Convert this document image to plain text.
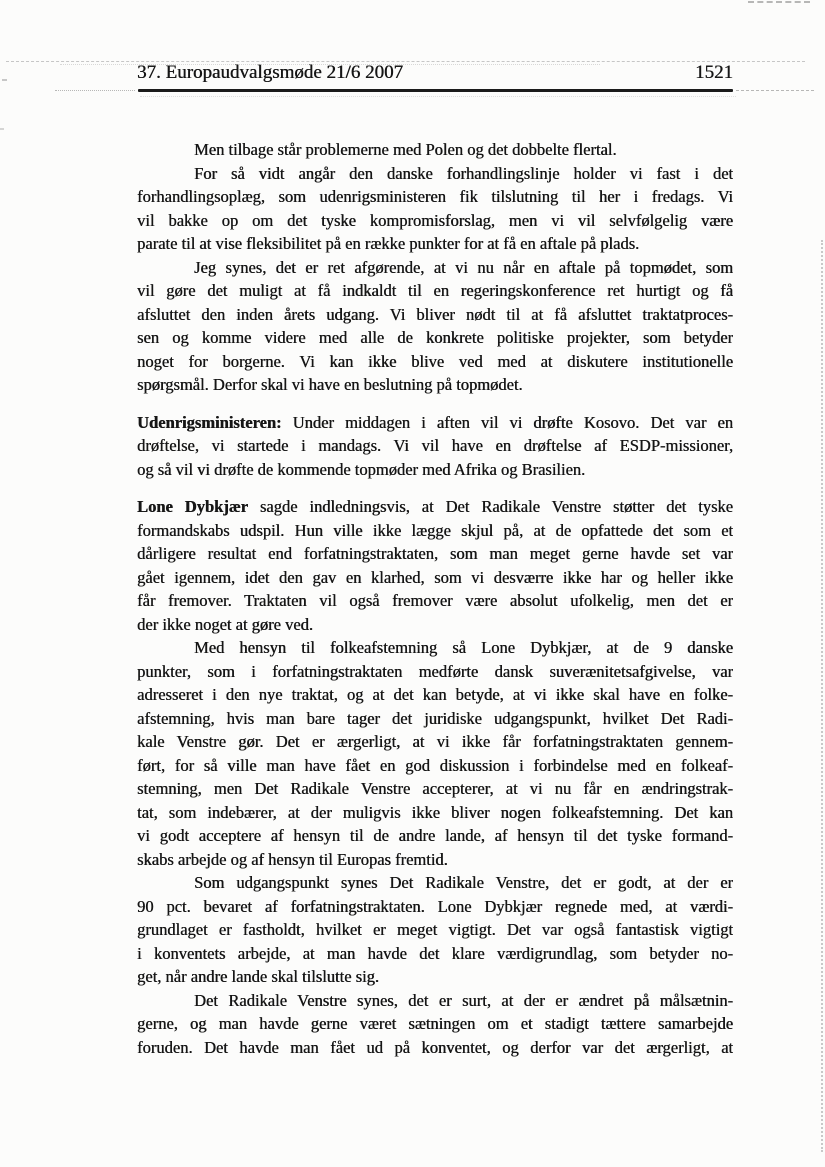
37. Europaudvalgsmøde 21/6 2007	1521
Men tilbage står problemerne med Polen og det dobbelte flertal.
For så vidt angår den danske forhandlingslinje holder vi fast i det
forhandlingsoplæg, som udenrigsministeren fik tilslutning til her i fredags. Vi
vil bakke op om det tyske kompromisforslag, men vi vil selvfølgelig være
parate til at vise fleksibilitet på en række punkter for at få en aftale på plads.
Jeg synes, det er ret afgørende, at vi nu når en aftale på topmødet, som
vil gøre det muligt at få indkaldt til en regeringskonference ret hurtigt og få
afsluttet den inden årets udgang. Vi bliver nødt til at få afsluttet traktatproces-
sen og komme videre med alle de konkrete politiske projekter, som betyder
noget for borgerne. Vi kan ikke blive ved med at diskutere institutionelle
spørgsmål. Derfor skal vi have en beslutning på topmødet.
Udenrigsministeren: Under middagen i aften vil vi drøfte Kosovo. Det var en
drøftelse, vi startede i mandags. Vi vil have en drøftelse af ESDP-missioner,
og så vil vi drøfte de kommende topmøder med Afrika og Brasilien.
Lone Dybkjær sagde indledningsvis, at Det Radikale Venstre støtter det tyske
formandskabs udspil. Hun ville ikke lægge skjul på, at de opfattede det som et
dårligere resultat end forfatningstraktaten, som man meget gerne havde set var
gået igennem, idet den gav en klarhed, som vi desværre ikke har og heller ikke
får fremover. Traktaten vil også fremover være absolut ufolkelig, men det er
der ikke noget at gøre ved.
Med hensyn til folkeafstemning så Lone Dybkjær, at de 9 danske
punkter, som i forfatningstraktaten medførte dansk suverænitetsafgivelse, var
adresseret i den nye traktat, og at det kan betyde, at vi ikke skal have en folke-
afstemning, hvis man bare tager det juridiske udgangspunkt, hvilket Det Radi-
kale Venstre gør. Det er ærgerligt, at vi ikke får forfatningstraktaten gennem-
ført, for så ville man have fået en god diskussion i forbindelse med en folkeaf-
stemning, men Det Radikale Venstre accepterer, at vi nu får en ændringstrak-
tat, som indebærer, at der muligvis ikke bliver nogen folkeafstemning. Det kan
vi godt acceptere af hensyn til de andre lande, af hensyn til det tyske formand-
skabs arbejde og af hensyn til Europas fremtid.
Som udgangspunkt synes Det Radikale Venstre, det er godt, at der er
90 pct. bevaret af forfatningstraktaten. Lone Dybkjær regnede med, at værdi-
grundlaget er fastholdt, hvilket er meget vigtigt. Det var også fantastisk vigtigt
i konventets arbejde, at man havde det klare værdigrundlag, som betyder no-
get, når andre lande skal tilslutte sig.
Det Radikale Venstre synes, det er surt, at der er ændret på målsætnin-
gerne, og man havde gerne været sætningen om et stadigt tættere samarbejde
foruden. Det havde man fået ud på konventet, og derfor var det ærgerligt, at
